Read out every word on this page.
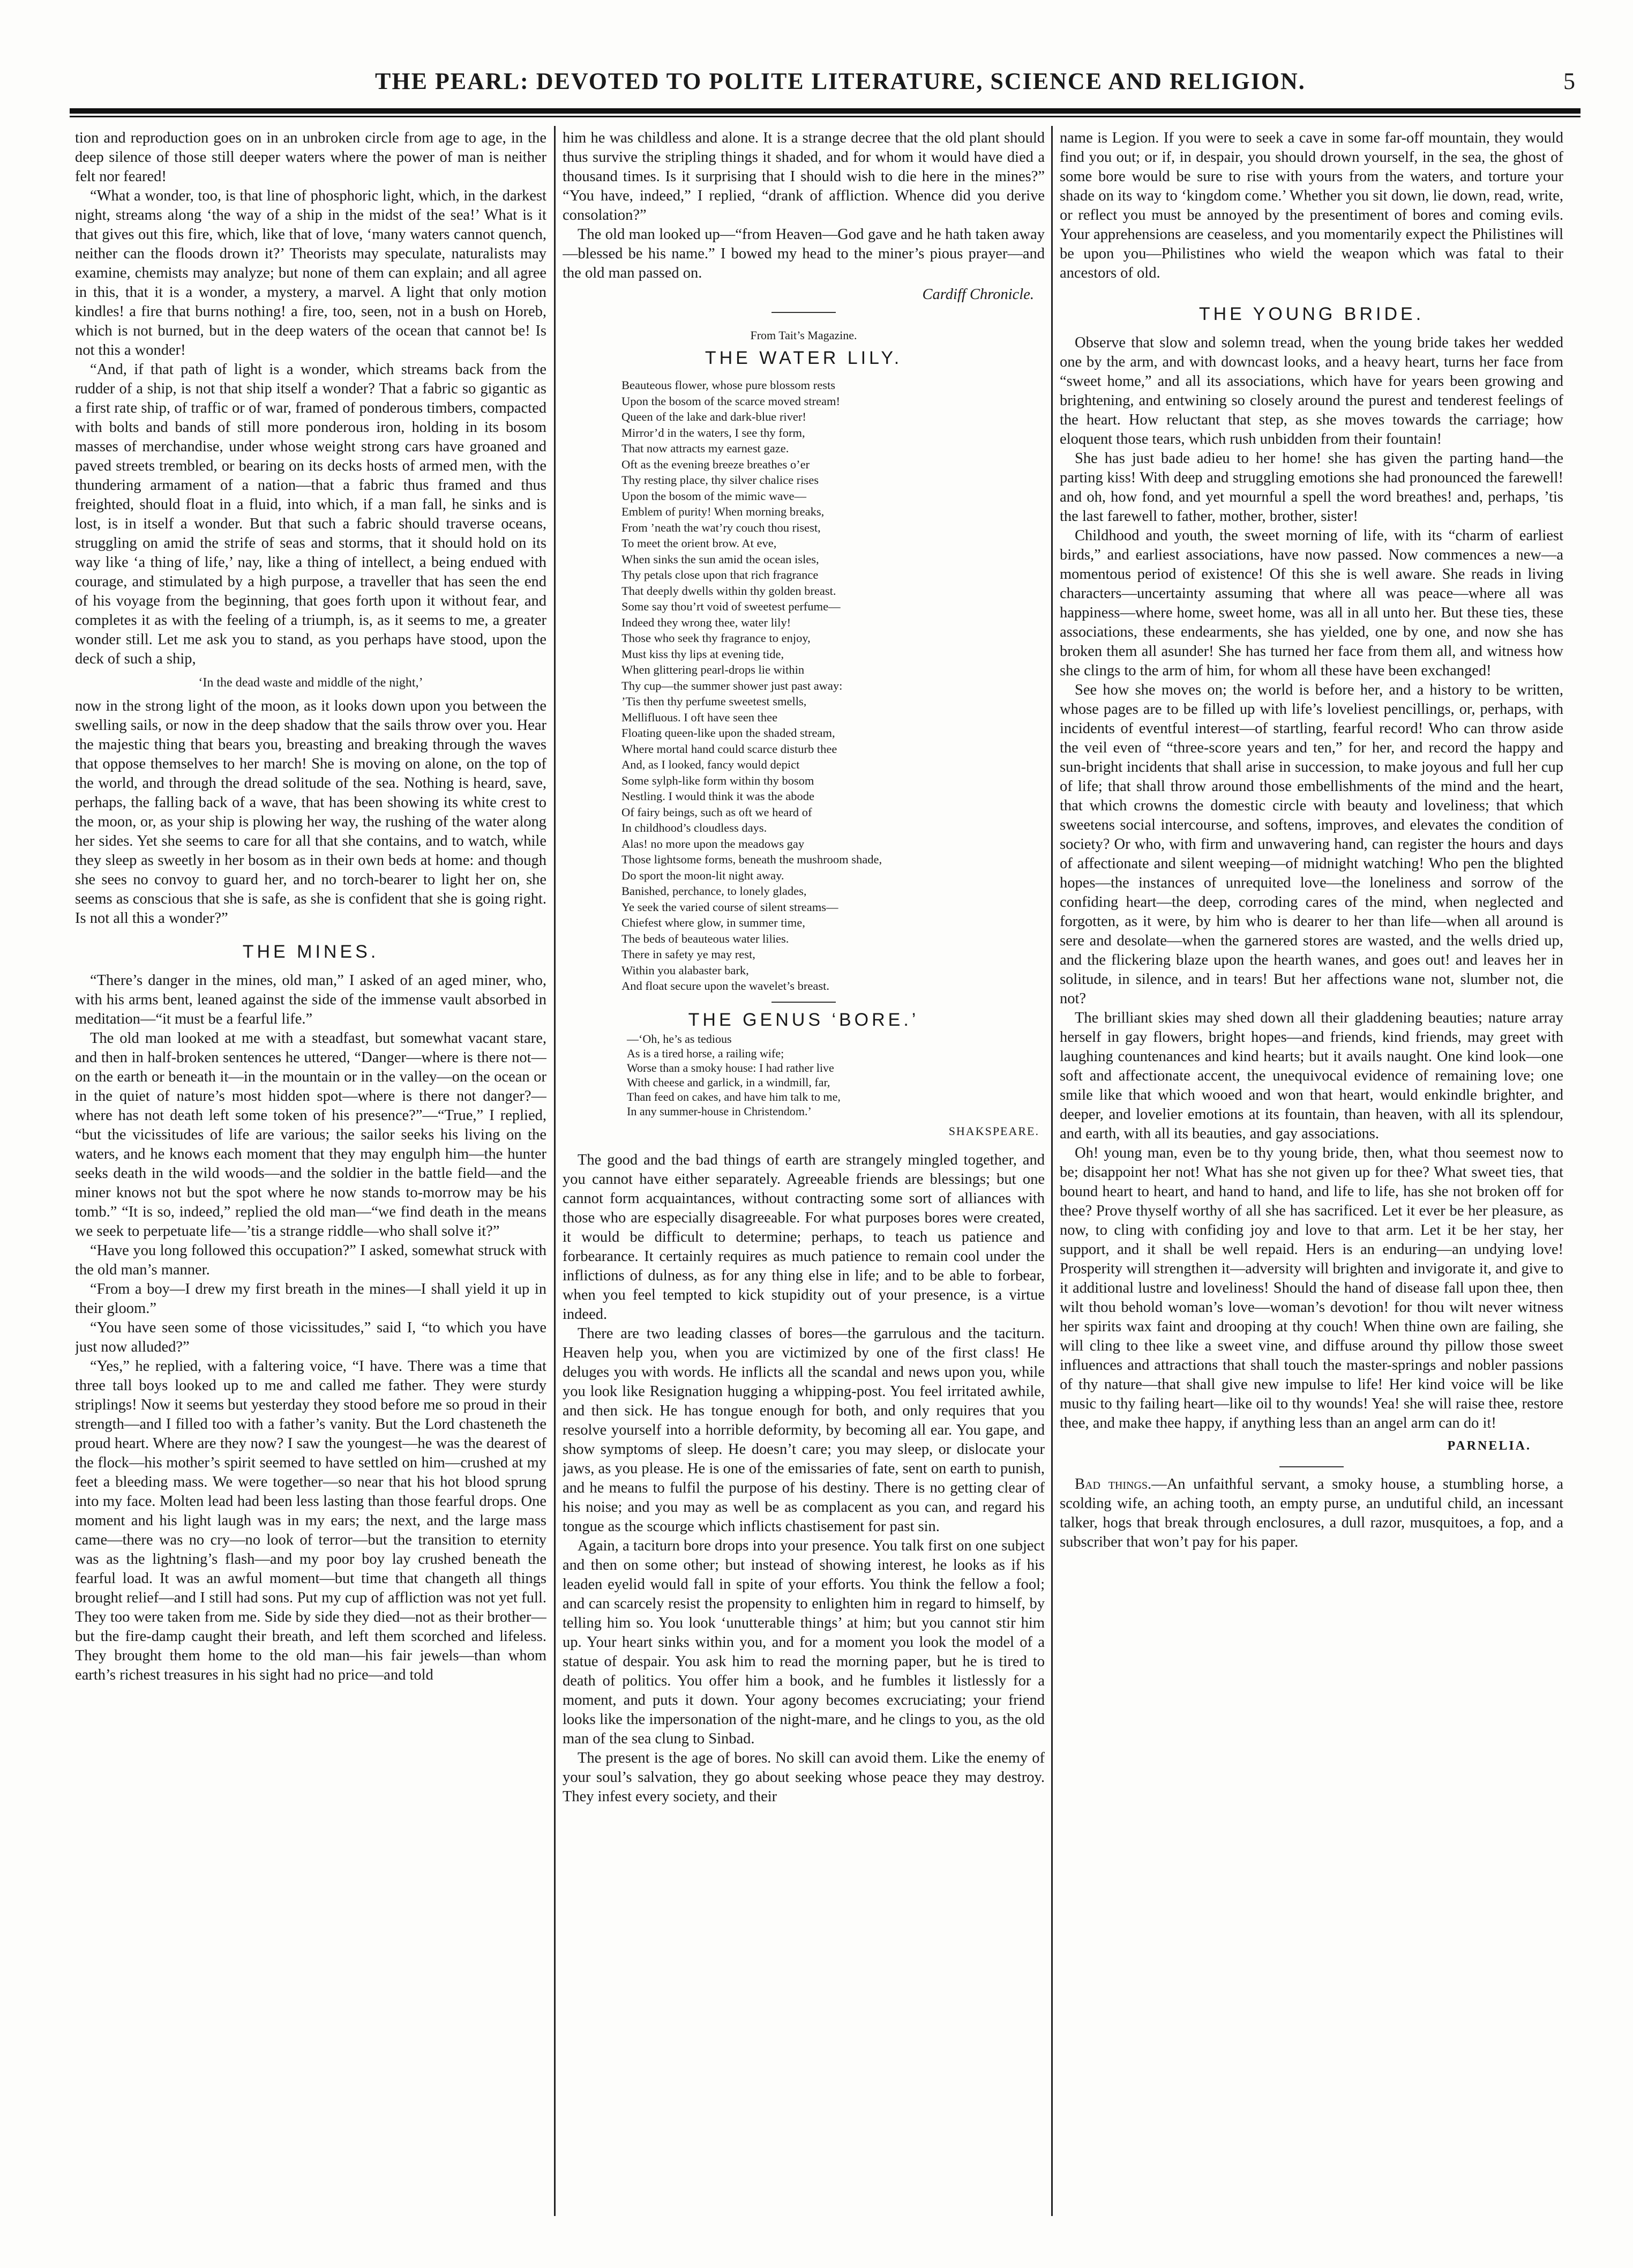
THE PEARL: DEVOTED TO POLITE LITERATURE, SCIENCE AND RELIGION.	5

tion and reproduction goes on in an unbroken circle from age to age, in the deep silence of those still deeper waters where the power of man is neither felt nor feared!

“What a wonder, too, is that line of phosphoric light, which, in the darkest night, streams along ‘the way of a ship in the midst of the sea!’ What is it that gives out this fire, which, like that of love, ‘many waters cannot quench, neither can the floods drown it?’ Theorists may speculate, naturalists may examine, chemists may analyze; but none of them can explain; and all agree in this, that it is a wonder, a mystery, a marvel. A light that only motion kindles! a fire that burns nothing! a fire, too, seen, not in a bush on Horeb, which is not burned, but in the deep waters of the ocean that cannot be! Is not this a wonder!

“And, if that path of light is a wonder, which streams back from the rudder of a ship, is not that ship itself a wonder? That a fabric so gigantic as a first rate ship, of traffic or of war, framed of ponderous timbers, compacted with bolts and bands of still more ponderous iron, holding in its bosom masses of merchandise, under whose weight strong cars have groaned and paved streets trembled, or bearing on its decks hosts of armed men, with the thundering armament of a nation—that a fabric thus framed and thus freighted, should float in a fluid, into which, if a man fall, he sinks and is lost, is in itself a wonder. But that such a fabric should traverse oceans, struggling on amid the strife of seas and storms, that it should hold on its way like ‘a thing of life,’ nay, like a thing of intellect, a being endued with courage, and stimulated by a high purpose, a traveller that has seen the end of his voyage from the beginning, that goes forth upon it without fear, and completes it as with the feeling of a triumph, is, as it seems to me, a greater wonder still. Let me ask you to stand, as you perhaps have stood, upon the deck of such a ship,

‘In the dead waste and middle of the night,’

now in the strong light of the moon, as it looks down upon you between the swelling sails, or now in the deep shadow that the sails throw over you. Hear the majestic thing that bears you, breasting and breaking through the waves that oppose themselves to her march! She is moving on alone, on the top of the world, and through the dread solitude of the sea. Nothing is heard, save, perhaps, the falling back of a wave, that has been showing its white crest to the moon, or, as your ship is plowing her way, the rushing of the water along her sides. Yet she seems to care for all that she contains, and to watch, while they sleep as sweetly in her bosom as in their own beds at home: and though she sees no convoy to guard her, and no torch-bearer to light her on, she seems as conscious that she is safe, as she is confident that she is going right. Is not all this a wonder?”

THE MINES.

“There’s danger in the mines, old man,” I asked of an aged miner, who, with his arms bent, leaned against the side of the immense vault absorbed in meditation—“it must be a fearful life.”

The old man looked at me with a steadfast, but somewhat vacant stare, and then in half-broken sentences he uttered, “Danger—where is there not—on the earth or beneath it—in the mountain or in the valley—on the ocean or in the quiet of nature’s most hidden spot—where is there not danger?—where has not death left some token of his presence?”—“True,” I replied, “but the vicissitudes of life are various; the sailor seeks his living on the waters, and he knows each moment that they may engulph him—the hunter seeks death in the wild woods—and the soldier in the battle field—and the miner knows not but the spot where he now stands to-morrow may be his tomb.” “It is so, indeed,” replied the old man—“we find death in the means we seek to perpetuate life—’tis a strange riddle—who shall solve it?”

“Have you long followed this occupation?” I asked, somewhat struck with the old man’s manner.

“From a boy—I drew my first breath in the mines—I shall yield it up in their gloom.”

“You have seen some of those vicissitudes,” said I, “to which you have just now alluded?”

“Yes,” he replied, with a faltering voice, “I have. There was a time that three tall boys looked up to me and called me father. They were sturdy striplings! Now it seems but yesterday they stood before me so proud in their strength—and I filled too with a father’s vanity. But the Lord chasteneth the proud heart. Where are they now? I saw the youngest—he was the dearest of the flock—his mother’s spirit seemed to have settled on him—crushed at my feet a bleeding mass. We were together—so near that his hot blood sprung into my face. Molten lead had been less lasting than those fearful drops. One moment and his light laugh was in my ears; the next, and the large mass came—there was no cry—no look of terror—but the transition to eternity was as the lightning’s flash—and my poor boy lay crushed beneath the fearful load. It was an awful moment—but time that changeth all things brought relief—and I still had sons. Put my cup of affliction was not yet full. They too were taken from me. Side by side they died—not as their brother—but the fire-damp caught their breath, and left them scorched and lifeless. They brought them home to the old man—his fair jewels—than whom earth’s richest treasures in his sight had no price—and told

him he was childless and alone. It is a strange decree that the old plant should thus survive the stripling things it shaded, and for whom it would have died a thousand times. Is it surprising that I should wish to die here in the mines?” “You have, indeed,” I replied, “drank of affliction. Whence did you derive consolation?”

The old man looked up—“from Heaven—God gave and he hath taken away—blessed be his name.” I bowed my head to the miner’s pious prayer—and the old man passed on.

Cardiff Chronicle.
From Tait’s Magazine.
THE WATER LILY.
Beauteous flower, whose pure blossom rests
Upon the bosom of the scarce moved stream!
Queen of the lake and dark-blue river!
Mirror’d in the waters, I see thy form,
That now attracts my earnest gaze.
Oft as the evening breeze breathes o’er
Thy resting place, thy silver chalice rises
Upon the bosom of the mimic wave—
Emblem of purity! When morning breaks,
From ’neath the wat’ry couch thou risest,
To meet the orient brow. At eve,
When sinks the sun amid the ocean isles,
Thy petals close upon that rich fragrance
That deeply dwells within thy golden breast.
Some say thou’rt void of sweetest perfume—
Indeed they wrong thee, water lily!
Those who seek thy fragrance to enjoy,
Must kiss thy lips at evening tide,
When glittering pearl-drops lie within
Thy cup—the summer shower just past away:
’Tis then thy perfume sweetest smells,
Mellifluous. I oft have seen thee
Floating queen-like upon the shaded stream,
Where mortal hand could scarce disturb thee
And, as I looked, fancy would depict
Some sylph-like form within thy bosom
Nestling. I would think it was the abode
Of fairy beings, such as oft we heard of
In childhood’s cloudless days.
Alas! no more upon the meadows gay
Those lightsome forms, beneath the mushroom shade,
Do sport the moon-lit night away.
Banished, perchance, to lonely glades,
Ye seek the varied course of silent streams—
Chiefest where glow, in summer time,
The beds of beauteous water lilies.
There in safety ye may rest,
Within you alabaster bark,
And float secure upon the wavelet’s breast.
THE GENUS ‘BORE.’
—‘Oh, he’s as tedious
As is a tired horse, a railing wife;
Worse than a smoky house: I had rather live
With cheese and garlick, in a windmill, far,
Than feed on cakes, and have him talk to me,
In any summer-house in Christendom.’
SHAKSPEARE.

The good and the bad things of earth are strangely mingled together, and you cannot have either separately. Agreeable friends are blessings; but one cannot form acquaintances, without contracting some sort of alliances with those who are especially disagreeable. For what purposes bores were created, it would be difficult to determine; perhaps, to teach us patience and forbearance. It certainly requires as much patience to remain cool under the inflictions of dulness, as for any thing else in life; and to be able to forbear, when you feel tempted to kick stupidity out of your presence, is a virtue indeed.

There are two leading classes of bores—the garrulous and the taciturn. Heaven help you, when you are victimized by one of the first class! He deluges you with words. He inflicts all the scandal and news upon you, while you look like Resignation hugging a whipping-post. You feel irritated awhile, and then sick. He has tongue enough for both, and only requires that you resolve yourself into a horrible deformity, by becoming all ear. You gape, and show symptoms of sleep. He doesn’t care; you may sleep, or dislocate your jaws, as you please. He is one of the emissaries of fate, sent on earth to punish, and he means to fulfil the purpose of his destiny. There is no getting clear of his noise; and you may as well be as complacent as you can, and regard his tongue as the scourge which inflicts chastisement for past sin.

Again, a taciturn bore drops into your presence. You talk first on one subject and then on some other; but instead of showing interest, he looks as if his leaden eyelid would fall in spite of your efforts. You think the fellow a fool; and can scarcely resist the propensity to enlighten him in regard to himself, by telling him so. You look ‘unutterable things’ at him; but you cannot stir him up. Your heart sinks within you, and for a moment you look the model of a statue of despair. You ask him to read the morning paper, but he is tired to death of politics. You offer him a book, and he fumbles it listlessly for a moment, and puts it down. Your agony becomes excruciating; your friend looks like the impersonation of the night-mare, and he clings to you, as the old man of the sea clung to Sinbad.

The present is the age of bores. No skill can avoid them. Like the enemy of your soul’s salvation, they go about seeking whose peace they may destroy. They infest every society, and their

name is Legion. If you were to seek a cave in some far-off mountain, they would find you out; or if, in despair, you should drown yourself, in the sea, the ghost of some bore would be sure to rise with yours from the waters, and torture your shade on its way to ‘kingdom come.’ Whether you sit down, lie down, read, write, or reflect you must be annoyed by the presentiment of bores and coming evils. Your apprehensions are ceaseless, and you momentarily expect the Philistines will be upon you—Philistines who wield the weapon which was fatal to their ancestors of old.

THE YOUNG BRIDE.

Observe that slow and solemn tread, when the young bride takes her wedded one by the arm, and with downcast looks, and a heavy heart, turns her face from “sweet home,” and all its associations, which have for years been growing and brightening, and entwining so closely around the purest and tenderest feelings of the heart. How reluctant that step, as she moves towards the carriage; how eloquent those tears, which rush unbidden from their fountain!

She has just bade adieu to her home! she has given the parting hand—the parting kiss! With deep and struggling emotions she had pronounced the farewell! and oh, how fond, and yet mournful a spell the word breathes! and, perhaps, ’tis the last farewell to father, mother, brother, sister!

Childhood and youth, the sweet morning of life, with its “charm of earliest birds,” and earliest associations, have now passed. Now commences a new—a momentous period of existence! Of this she is well aware. She reads in living characters—uncertainty assuming that where all was peace—where all was happiness—where home, sweet home, was all in all unto her. But these ties, these associations, these endearments, she has yielded, one by one, and now she has broken them all asunder! She has turned her face from them all, and witness how she clings to the arm of him, for whom all these have been exchanged!

See how she moves on; the world is before her, and a history to be written, whose pages are to be filled up with life’s loveliest pencillings, or, perhaps, with incidents of eventful interest—of startling, fearful record! Who can throw aside the veil even of “three-score years and ten,” for her, and record the happy and sun-bright incidents that shall arise in succession, to make joyous and full her cup of life; that shall throw around those embellishments of the mind and the heart, that which crowns the domestic circle with beauty and loveliness; that which sweetens social intercourse, and softens, improves, and elevates the condition of society? Or who, with firm and unwavering hand, can register the hours and days of affectionate and silent weeping—of midnight watching! Who pen the blighted hopes—the instances of unrequited love—the loneliness and sorrow of the confiding heart—the deep, corroding cares of the mind, when neglected and forgotten, as it were, by him who is dearer to her than life—when all around is sere and desolate—when the garnered stores are wasted, and the wells dried up, and the flickering blaze upon the hearth wanes, and goes out! and leaves her in solitude, in silence, and in tears! But her affections wane not, slumber not, die not?

The brilliant skies may shed down all their gladdening beauties; nature array herself in gay flowers, bright hopes—and friends, kind friends, may greet with laughing countenances and kind hearts; but it avails naught. One kind look—one soft and affectionate accent, the unequivocal evidence of remaining love; one smile like that which wooed and won that heart, would enkindle brighter, and deeper, and lovelier emotions at its fountain, than heaven, with all its splendour, and earth, with all its beauties, and gay associations.

Oh! young man, even be to thy young bride, then, what thou seemest now to be; disappoint her not! What has she not given up for thee? What sweet ties, that bound heart to heart, and hand to hand, and life to life, has she not broken off for thee? Prove thyself worthy of all she has sacrificed. Let it ever be her pleasure, as now, to cling with confiding joy and love to that arm. Let it be her stay, her support, and it shall be well repaid. Hers is an enduring—an undying love! Prosperity will strengthen it—adversity will brighten and invigorate it, and give to it additional lustre and loveliness! Should the hand of disease fall upon thee, then wilt thou behold woman’s love—woman’s devotion! for thou wilt never witness her spirits wax faint and drooping at thy couch! When thine own are failing, she will cling to thee like a sweet vine, and diffuse around thy pillow those sweet influences and attractions that shall touch the master-springs and nobler passions of thy nature—that shall give new impulse to life! Her kind voice will be like music to thy failing heart—like oil to thy wounds! Yea! she will raise thee, restore thee, and make thee happy, if anything less than an angel arm can do it!

PARNELIA.

Bad things.—An unfaithful servant, a smoky house, a stumbling horse, a scolding wife, an aching tooth, an empty purse, an undutiful child, an incessant talker, hogs that break through enclosures, a dull razor, musquitoes, a fop, and a subscriber that won’t pay for his paper.
